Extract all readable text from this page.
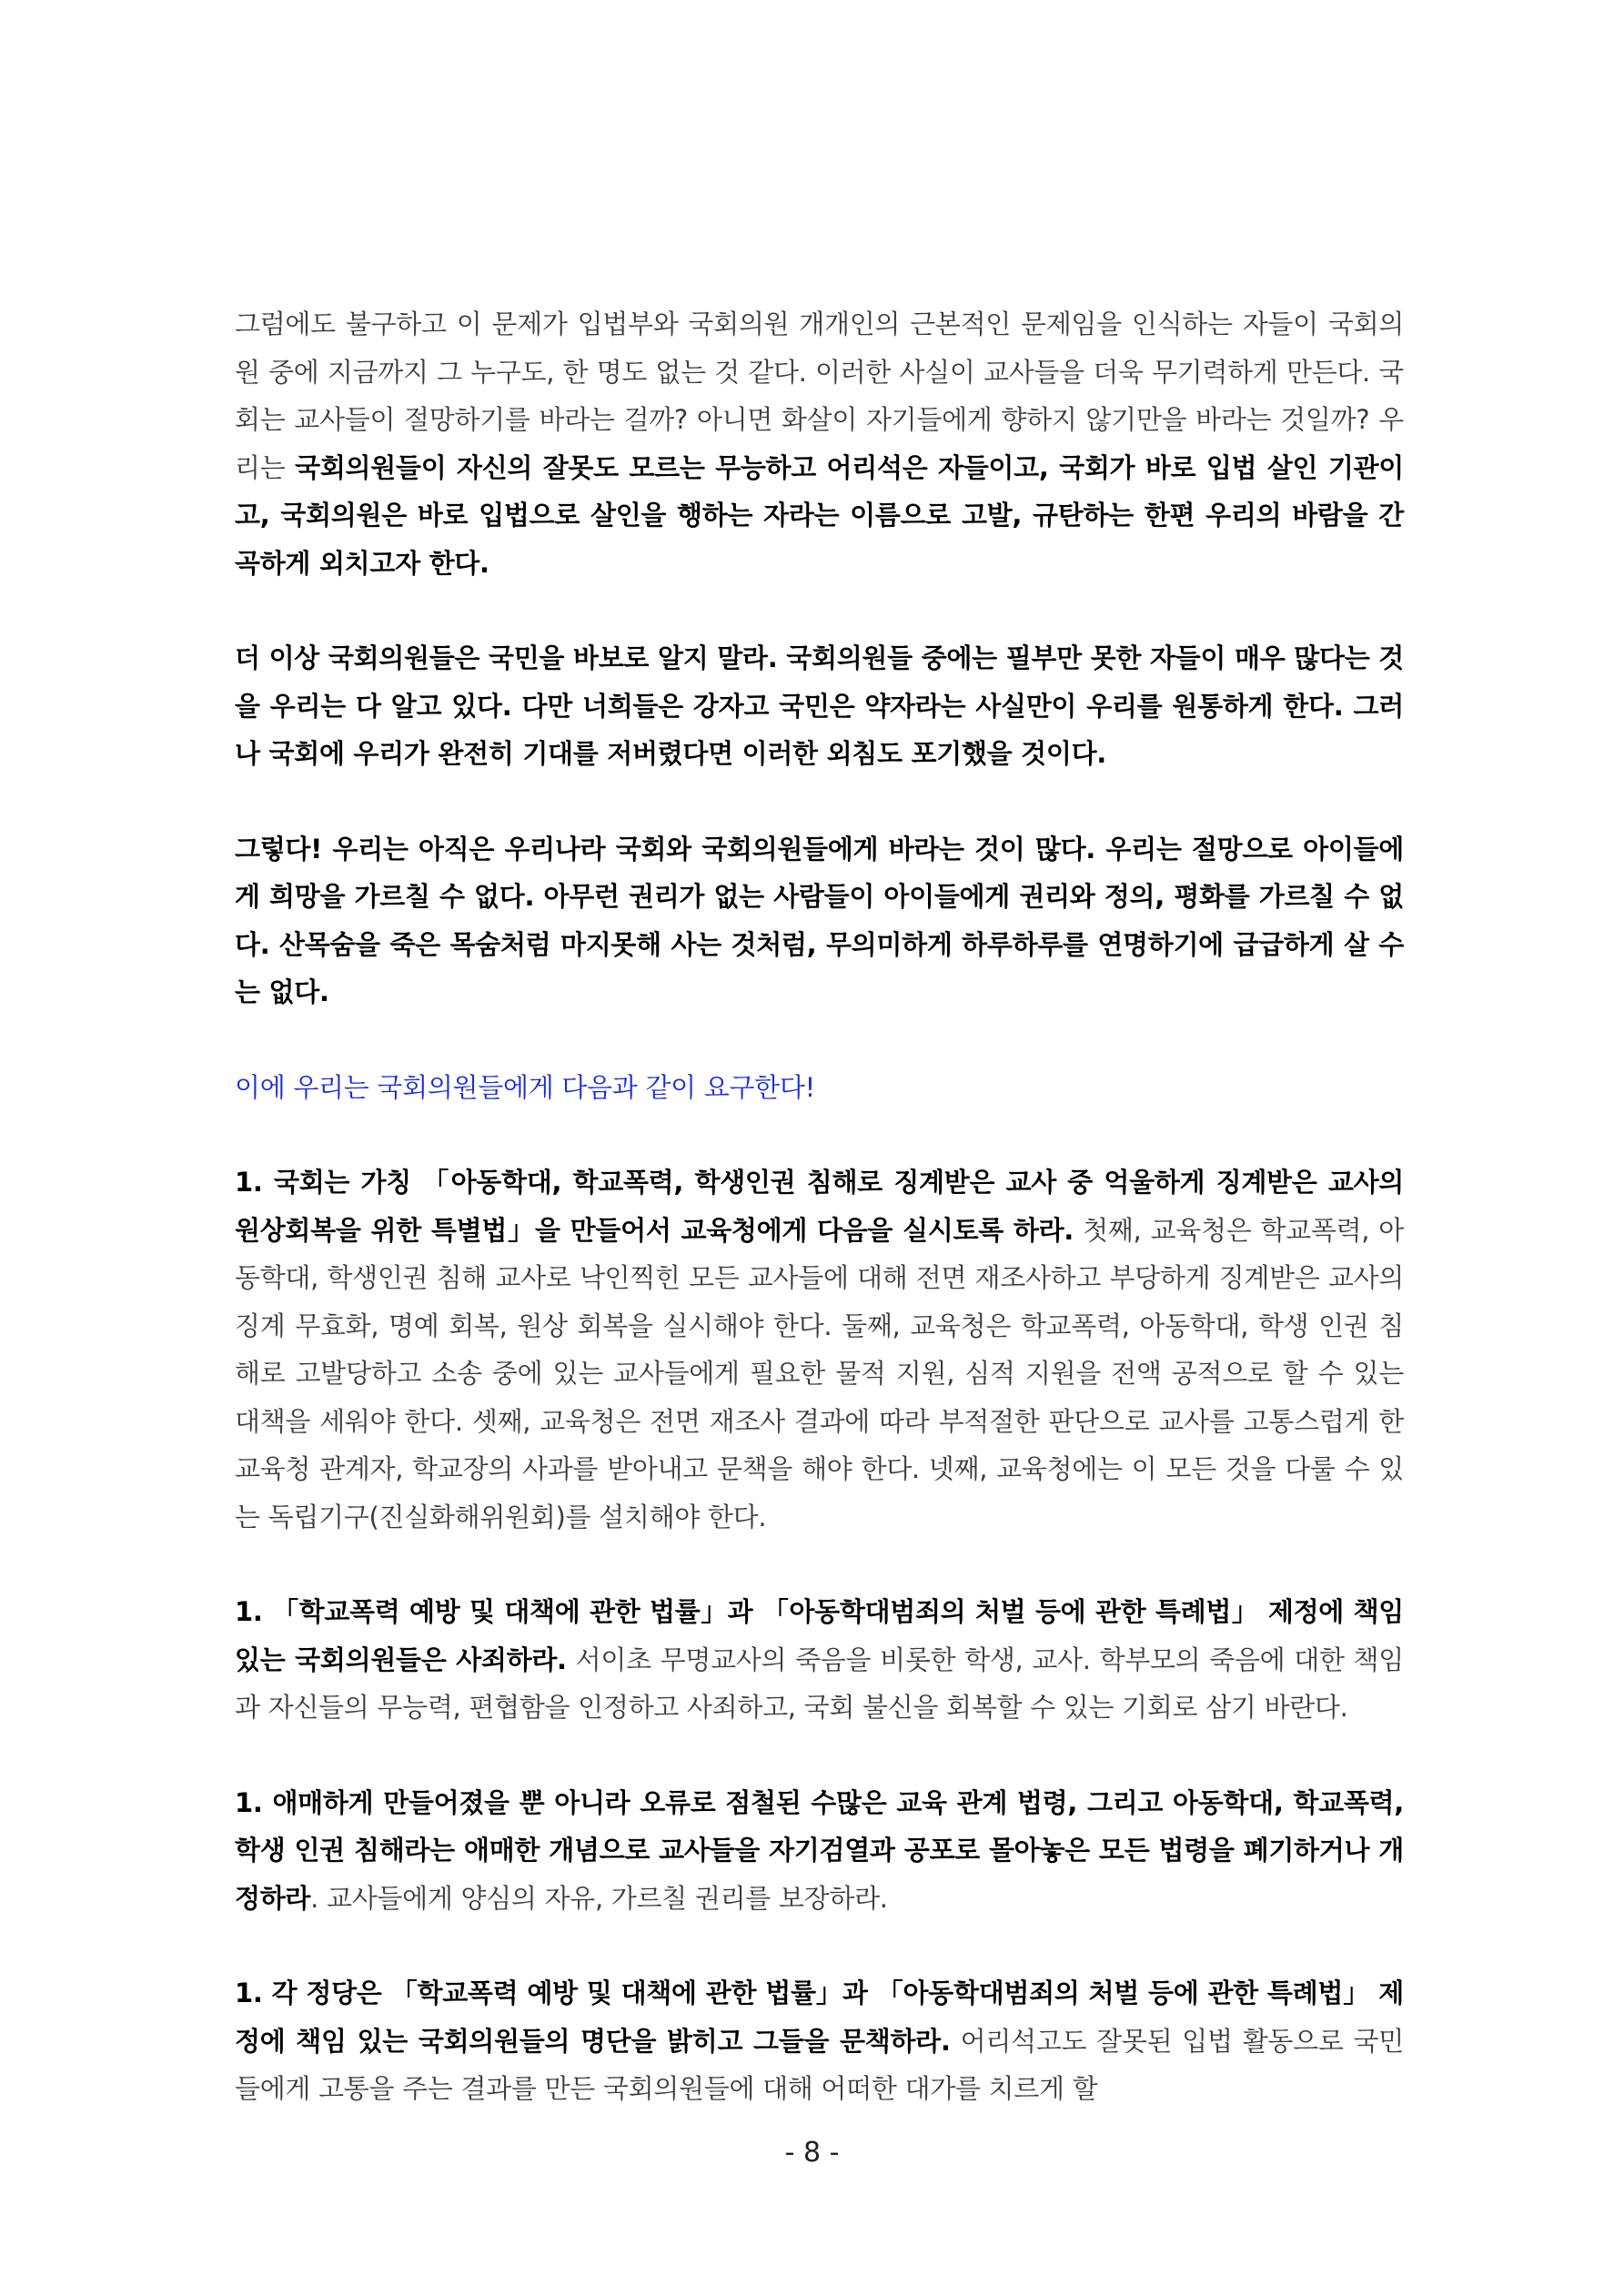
그럼에도 불구하고 이 문제가 입법부와 국회의원 개개인의 근본적인 문제임을 인식하는 자들이 국회의원 중에 지금까지 그 누구도, 한 명도 없는 것 같다. 이러한 사실이 교사들을 더욱 무기력하게 만든다. 국회는 교사들이 절망하기를 바라는 걸까? 아니면 화살이 자기들에게 향하지 않기만을 바라는 것일까? 우리는 국회의원들이 자신의 잘못도 모르는 무능하고 어리석은 자들이고, 국회가 바로 입법 살인 기관이고, 국회의원은 바로 입법으로 살인을 행하는 자라는 이름으로 고발, 규탄하는 한편 우리의 바람을 간곡하게 외치고자 한다.

더 이상 국회의원들은 국민을 바보로 알지 말라. 국회의원들 중에는 필부만 못한 자들이 매우 많다는 것을 우리는 다 알고 있다. 다만 너희들은 강자고 국민은 약자라는 사실만이 우리를 원통하게 한다. 그러나 국회에 우리가 완전히 기대를 저버렸다면 이러한 외침도 포기했을 것이다.

그렇다! 우리는 아직은 우리나라 국회와 국회의원들에게 바라는 것이 많다. 우리는 절망으로 아이들에게 희망을 가르칠 수 없다. 아무런 권리가 없는 사람들이 아이들에게 권리와 정의, 평화를 가르칠 수 없다. 산목숨을 죽은 목숨처럼 마지못해 사는 것처럼, 무의미하게 하루하루를 연명하기에 급급하게 살 수는 없다.

이에 우리는 국회의원들에게 다음과 같이 요구한다!

1. 국회는 가칭 「아동학대, 학교폭력, 학생인권 침해로 징계받은 교사 중 억울하게 징계받은 교사의 원상회복을 위한 특별법」을 만들어서 교육청에게 다음을 실시토록 하라. 첫째, 교육청은 학교폭력, 아동학대, 학생인권 침해 교사로 낙인찍힌 모든 교사들에 대해 전면 재조사하고 부당하게 징계받은 교사의 징계 무효화, 명예 회복, 원상 회복을 실시해야 한다. 둘째, 교육청은 학교폭력, 아동학대, 학생 인권 침해로 고발당하고 소송 중에 있는 교사들에게 필요한 물적 지원, 심적 지원을 전액 공적으로 할 수 있는 대책을 세워야 한다. 셋째, 교육청은 전면 재조사 결과에 따라 부적절한 판단으로 교사를 고통스럽게 한 교육청 관계자, 학교장의 사과를 받아내고 문책을 해야 한다. 넷째, 교육청에는 이 모든 것을 다룰 수 있는 독립기구(진실화해위원회)를 설치해야 한다.

1. 「학교폭력 예방 및 대책에 관한 법률」과 「아동학대범죄의 처벌 등에 관한 특례법」 제정에 책임있는 국회의원들은 사죄하라. 서이초 무명교사의 죽음을 비롯한 학생, 교사. 학부모의 죽음에 대한 책임과 자신들의 무능력, 편협함을 인정하고 사죄하고, 국회 불신을 회복할 수 있는 기회로 삼기 바란다.

1. 애매하게 만들어졌을 뿐 아니라 오류로 점철된 수많은 교육 관계 법령, 그리고 아동학대, 학교폭력, 학생 인권 침해라는 애매한 개념으로 교사들을 자기검열과 공포로 몰아놓은 모든 법령을 폐기하거나 개정하라. 교사들에게 양심의 자유, 가르칠 권리를 보장하라.

1. 각 정당은 「학교폭력 예방 및 대책에 관한 법률」과 「아동학대범죄의 처벌 등에 관한 특례법」 제정에 책임 있는 국회의원들의 명단을 밝히고 그들을 문책하라. 어리석고도 잘못된 입법 활동으로 국민들에게 고통을 주는 결과를 만든 국회의원들에 대해 어떠한 대가를 치르게 할

- 8 -
